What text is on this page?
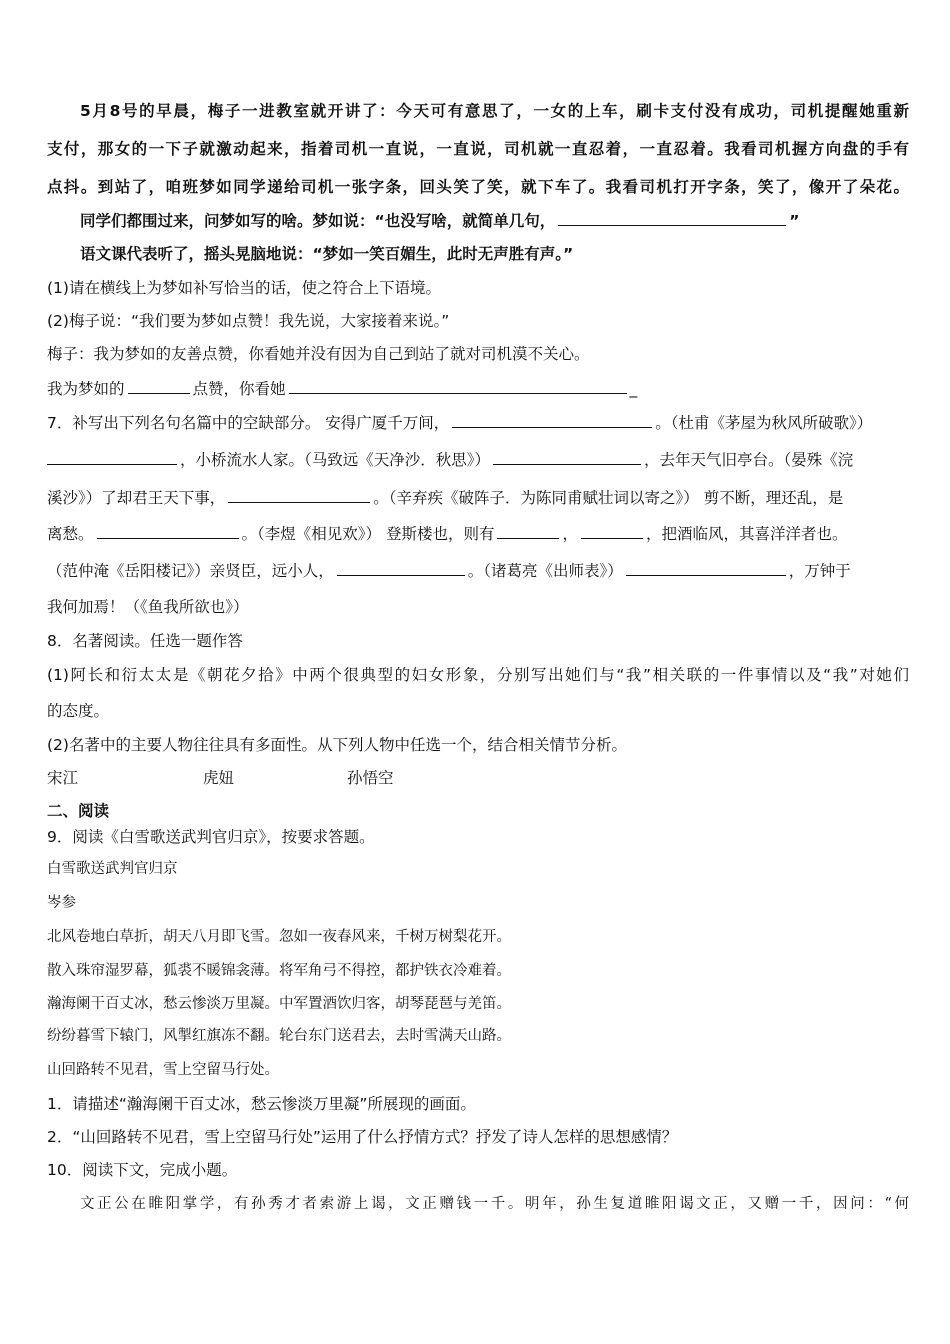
5月8号的早晨，梅子一进教室就开讲了：今天可有意思了，一女的上车，刷卡支付没有成功，司机提醒她重新
支付，那女的一下子就激动起来，指着司机一直说，一直说，司机就一直忍着，一直忍着。我看司机握方向盘的手有
点抖。到站了，咱班梦如同学递给司机一张字条，回头笑了笑，就下车了。我看司机打开字条，笑了，像开了朵花。
同学们都围过来，问梦如写的啥。梦如说：“也没写啥，就简单几句，	”
语文课代表听了，摇头晃脑地说：“梦如一笑百媚生，此时无声胜有声。”
(1)请在横线上为梦如补写恰当的话，使之符合上下语境。
(2)梅子说：“我们要为梦如点赞！我先说，大家接着来说。”
梅子：我为梦如的友善点赞，你看她并没有因为自己到站了就对司机漠不关心。
我为梦如的	点赞，你看她	_
7．补写出下列名句名篇中的空缺部分。 安得广厦千万间，	。（杜甫《茅屋为秋风所破歌》）
，小桥流水人家。（马致远《天净沙．秋思》）	，去年天气旧亭台。（晏殊《浣
溪沙》）了却君王天下事，	。（辛弃疾《破阵子．为陈同甫赋壮词以寄之》） 剪不断，理还乱，是
离愁。	。（李煜《相见欢》） 登斯楼也，则有	，	，把酒临风，其喜洋洋者也。
（范仲淹《岳阳楼记》）亲贤臣，远小人，	。（诸葛亮《出师表》）	，万钟于
我何加焉！（《鱼我所欲也》）
8．名著阅读。任选一题作答
(1)阿长和衍太太是《朝花夕拾》中两个很典型的妇女形象，分别写出她们与“我”相关联的一件事情以及“我”对她们
的态度。
(2)名著中的主要人物往往具有多面性。从下列人物中任选一个，结合相关情节分析。
宋江	虎妞	孙悟空
二、阅读
9．阅读《白雪歌送武判官归京》，按要求答题。
白雪歌送武判官归京
岑参
北风卷地白草折，胡天八月即飞雪。忽如一夜春风来，千树万树梨花开。
散入珠帘湿罗幕，狐裘不暖锦衾薄。将军角弓不得控，都护铁衣冷难着。
瀚海阑干百丈冰，愁云惨淡万里凝。中军置酒饮归客，胡琴琵琶与羌笛。
纷纷暮雪下辕门，风掣红旗冻不翻。轮台东门送君去，去时雪满天山路。
山回路转不见君，雪上空留马行处。
1．请描述“瀚海阑干百丈冰，愁云惨淡万里凝”所展现的画面。
2．“山回路转不见君，雪上空留马行处”运用了什么抒情方式？抒发了诗人怎样的思想感情？
10．阅读下文，完成小题。
文正公在睢阳掌学，有孙秀才者索游上谒，文正赠钱一千。明年，孙生复道睢阳谒文正，又赠一千，因问：“何
